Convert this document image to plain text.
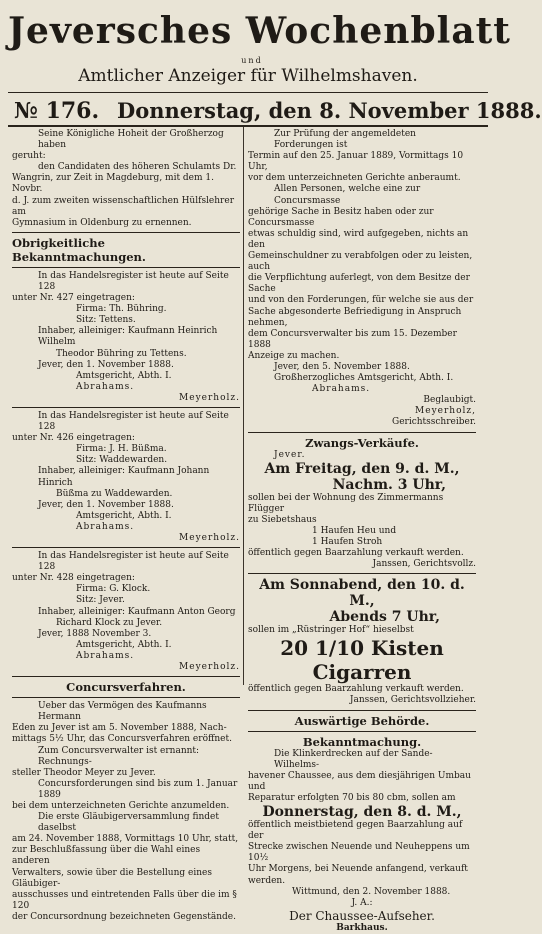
Jeversches Wochenblatt
und
Amtlicher Anzeiger für Wilhelmshaven.
№ 176. Donnerstag, den 8. November 1888.

Seine Königliche Hoheit der Großherzog haben

geruht:

den Candidaten des höheren Schulamts Dr.

Wangrin, zur Zeit in Magdeburg, mit dem 1. Novbr.

d. J. zum zweiten wissenschaftlichen Hülfslehrer am

Gymnasium in Oldenburg zu ernennen.

Obrigkeitliche Bekanntmachungen.

In das Handelsregister ist heute auf Seite 128

unter Nr. 427 eingetragen:

Firma: Th. Bühring.

Sitz: Tettens.

Inhaber, alleiniger: Kaufmann Heinrich Wilhelm

Theodor Bühring zu Tettens.

Jever, den 1. November 1888.

Amtsgericht, Abth. I.

Abrahams.

Meyerholz.

In das Handelsregister ist heute auf Seite 128

unter Nr. 426 eingetragen:

Firma: J. H. Büßma.

Sitz: Waddewarden.

Inhaber, alleiniger: Kaufmann Johann Hinrich

Büßma zu Waddewarden.

Jever, den 1. November 1888.

Amtsgericht, Abth. I.

Abrahams.

Meyerholz.

In das Handelsregister ist heute auf Seite 128

unter Nr. 428 eingetragen:

Firma: G. Klock.

Sitz: Jever.

Inhaber, alleiniger: Kaufmann Anton Georg

Richard Klock zu Jever.

Jever, 1888 November 3.

Amtsgericht, Abth. I.

Abrahams.

Meyerholz.

Concursverfahren.

Ueber das Vermögen des Kaufmanns Hermann

Eden zu Jever ist am 5. November 1888, Nach-

mittags 5½ Uhr, das Concursverfahren eröffnet.

Zum Concursverwalter ist ernannt: Rechnungs-

steller Theodor Meyer zu Jever.

Concursforderungen sind bis zum 1. Januar 1889

bei dem unterzeichneten Gerichte anzumelden.

Die erste Gläubigerversammlung findet daselbst

am 24. November 1888, Vormittags 10 Uhr, statt,

zur Beschlußfassung über die Wahl eines anderen

Verwalters, sowie über die Bestellung eines Gläubiger-

ausschusses und eintretenden Falls über die im § 120

der Concursordnung bezeichneten Gegenstände.

Zur Prüfung der angemeldeten Forderungen ist

Termin auf den 25. Januar 1889, Vormittags 10 Uhr,

vor dem unterzeichneten Gerichte anberaumt.

Allen Personen, welche eine zur Concursmasse

gehörige Sache in Besitz haben oder zur Concursmasse

etwas schuldig sind, wird aufgegeben, nichts an den

Gemeinschuldner zu verabfolgen oder zu leisten, auch

die Verpflichtung auferlegt, von dem Besitze der Sache

und von den Forderungen, für welche sie aus der

Sache abgesonderte Befriedigung in Anspruch nehmen,

dem Concursverwalter bis zum 15. Dezember 1888

Anzeige zu machen.

Jever, den 5. November 1888.

Großherzogliches Amtsgericht, Abth. I.

Abrahams.

Beglaubigt.

Meyerholz,

Gerichtsschreiber.

Zwangs-Verkäufe.

Jever.

Am Freitag, den 9. d. M.,

Nachm. 3 Uhr,

sollen bei der Wohnung des Zimmermanns Flügger

zu Siebetshaus

1 Haufen Heu und

1 Haufen Stroh

öffentlich gegen Baarzahlung verkauft werden.

Janssen, Gerichtsvollz.

Am Sonnabend, den 10. d. M.,

Abends 7 Uhr,

sollen im „Rüstringer Hof“ hieselbst

20 1/10 Kisten Cigarren

öffentlich gegen Baarzahlung verkauft werden.

Janssen, Gerichtsvollzieher.

Auswärtige Behörde.

Bekanntmachung.

Die Klinkerdrecken auf der Sande-Wilhelms-

havener Chaussee, aus dem diesjährigen Umbau und

Reparatur erfolgten 70 bis 80 cbm, sollen am

Donnerstag, den 8. d. M.,

öffentlich meistbietend gegen Baarzahlung auf der

Strecke zwischen Neuende und Neuheppens um 10½

Uhr Morgens, bei Neuende anfangend, verkauft

werden.

Wittmund, den 2. November 1888.

J. A.:

Der Chaussee-Aufseher.

Barkhaus.
